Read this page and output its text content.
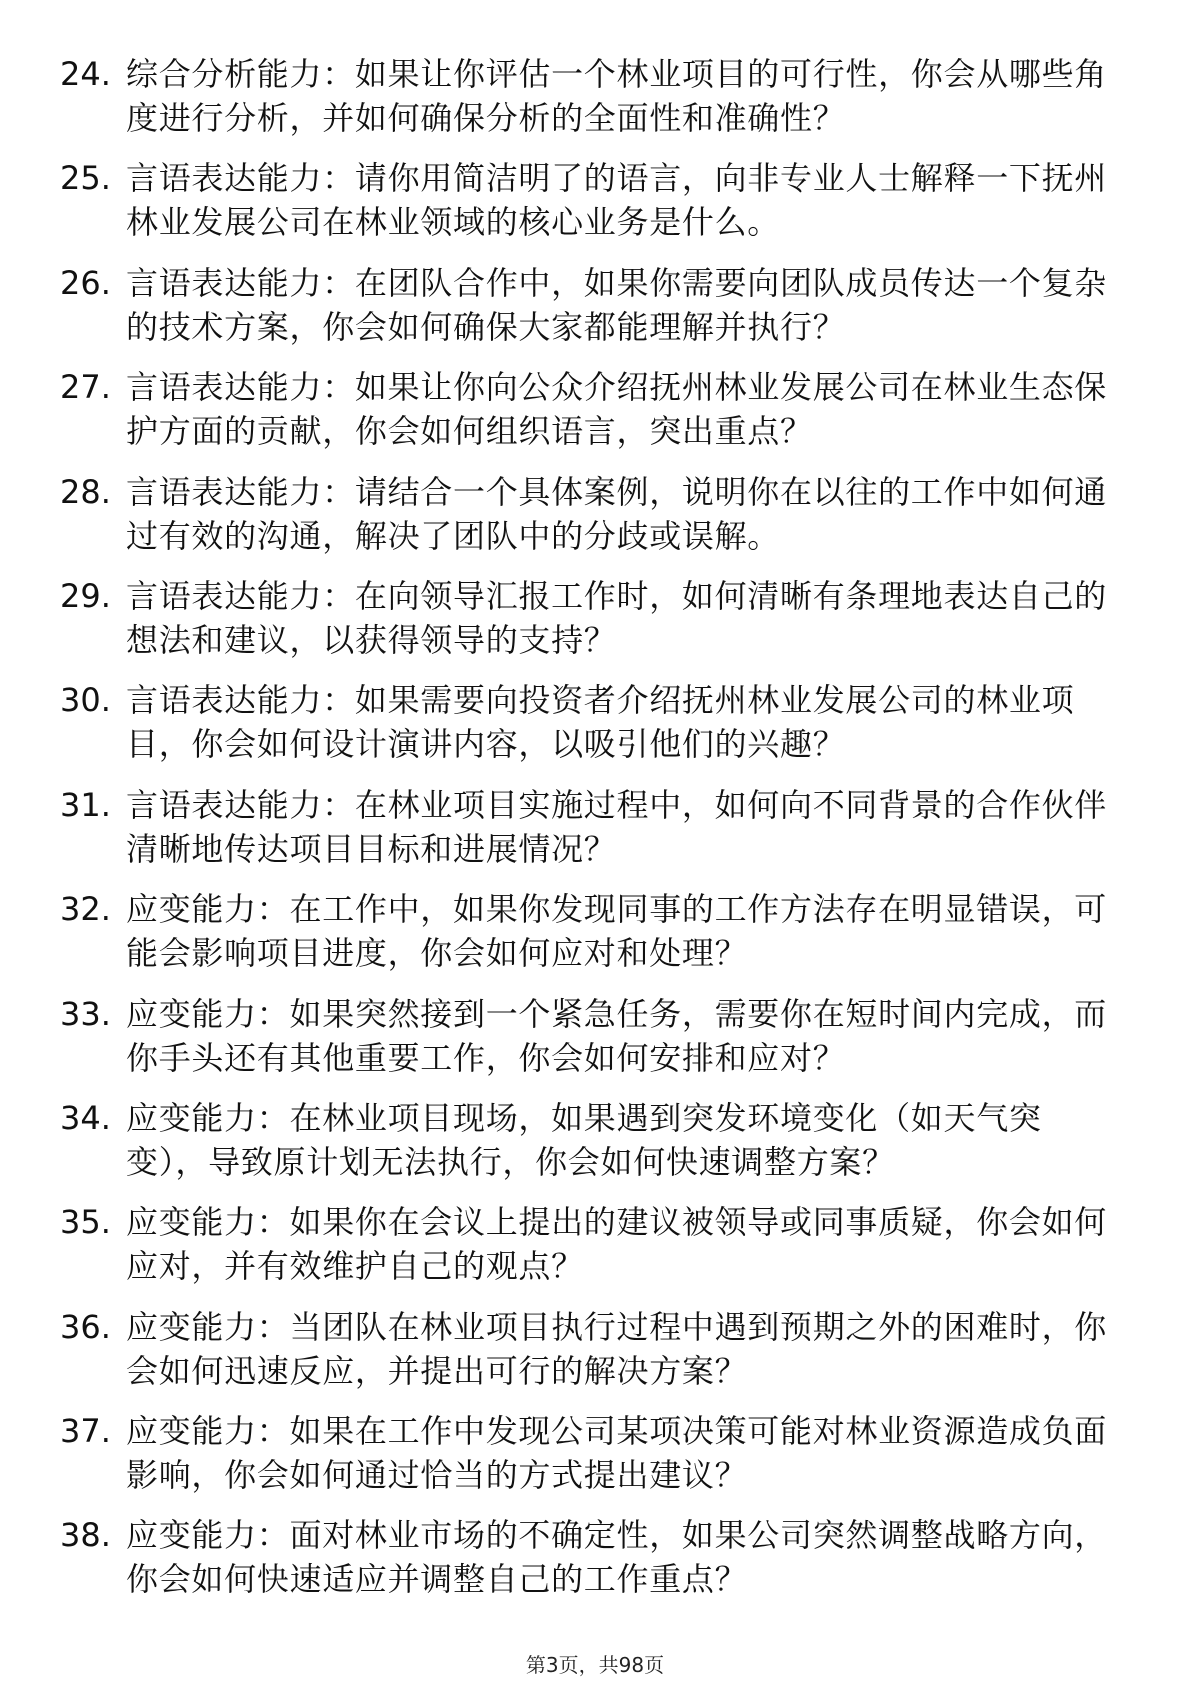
24. 综合分析能力：如果让你评估一个林业项目的可行性，你会从哪些角度进行分析，并如何确保分析的全面性和准确性？
25. 言语表达能力：请你用简洁明了的语言，向非专业人士解释一下抚州林业发展公司在林业领域的核心业务是什么。
26. 言语表达能力：在团队合作中，如果你需要向团队成员传达一个复杂的技术方案，你会如何确保大家都能理解并执行？
27. 言语表达能力：如果让你向公众介绍抚州林业发展公司在林业生态保护方面的贡献，你会如何组织语言，突出重点？
28. 言语表达能力：请结合一个具体案例，说明你在以往的工作中如何通过有效的沟通，解决了团队中的分歧或误解。
29. 言语表达能力：在向领导汇报工作时，如何清晰有条理地表达自己的想法和建议，以获得领导的支持？
30. 言语表达能力：如果需要向投资者介绍抚州林业发展公司的林业项目，你会如何设计演讲内容，以吸引他们的兴趣？
31. 言语表达能力：在林业项目实施过程中，如何向不同背景的合作伙伴清晰地传达项目目标和进展情况？
32. 应变能力：在工作中，如果你发现同事的工作方法存在明显错误，可能会影响项目进度，你会如何应对和处理？
33. 应变能力：如果突然接到一个紧急任务，需要你在短时间内完成，而你手头还有其他重要工作，你会如何安排和应对？
34. 应变能力：在林业项目现场，如果遇到突发环境变化（如天气突变），导致原计划无法执行，你会如何快速调整方案？
35. 应变能力：如果你在会议上提出的建议被领导或同事质疑，你会如何应对，并有效维护自己的观点？
36. 应变能力：当团队在林业项目执行过程中遇到预期之外的困难时，你会如何迅速反应，并提出可行的解决方案？
37. 应变能力：如果在工作中发现公司某项决策可能对林业资源造成负面影响，你会如何通过恰当的方式提出建议？
38. 应变能力：面对林业市场的不确定性，如果公司突然调整战略方向，你会如何快速适应并调整自己的工作重点？
第3页，共98页
